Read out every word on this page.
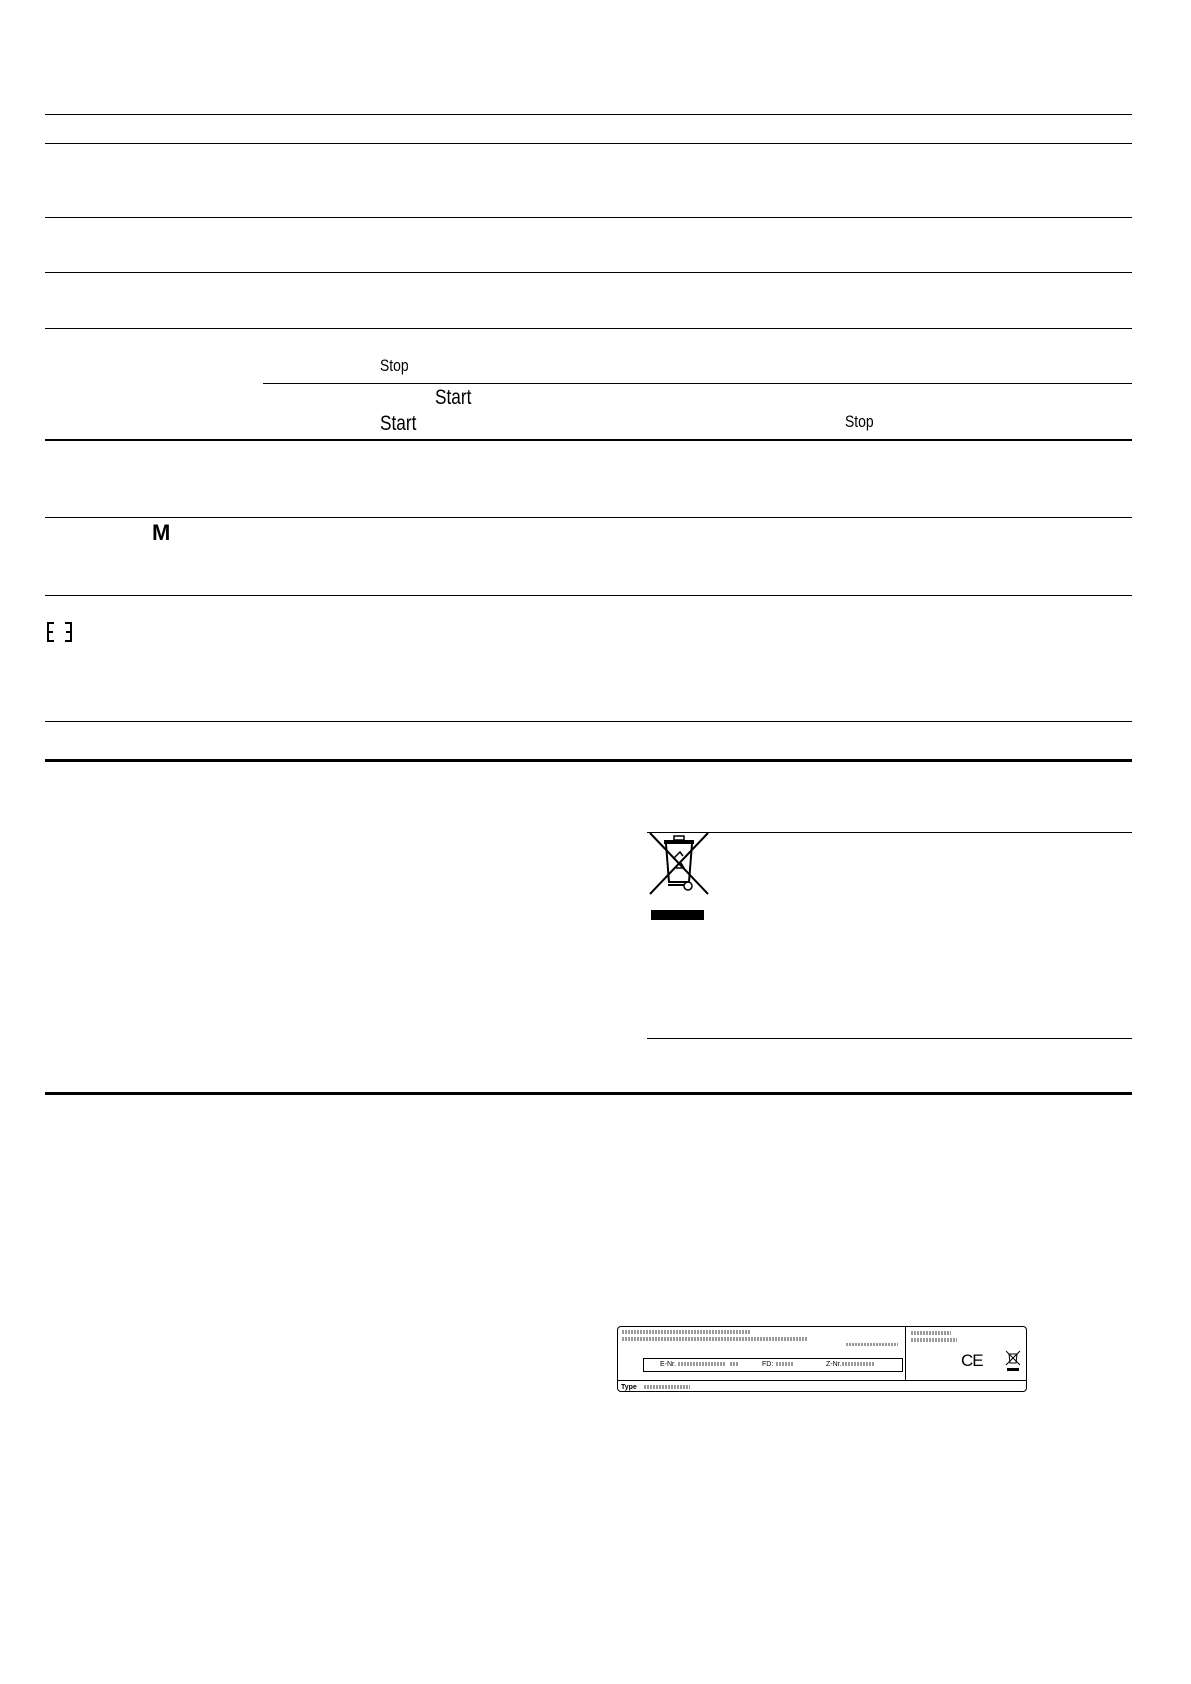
Stop
Start
Start	Stop
M
E-Nr.	FD:	Z-Nr.
Type
CE
